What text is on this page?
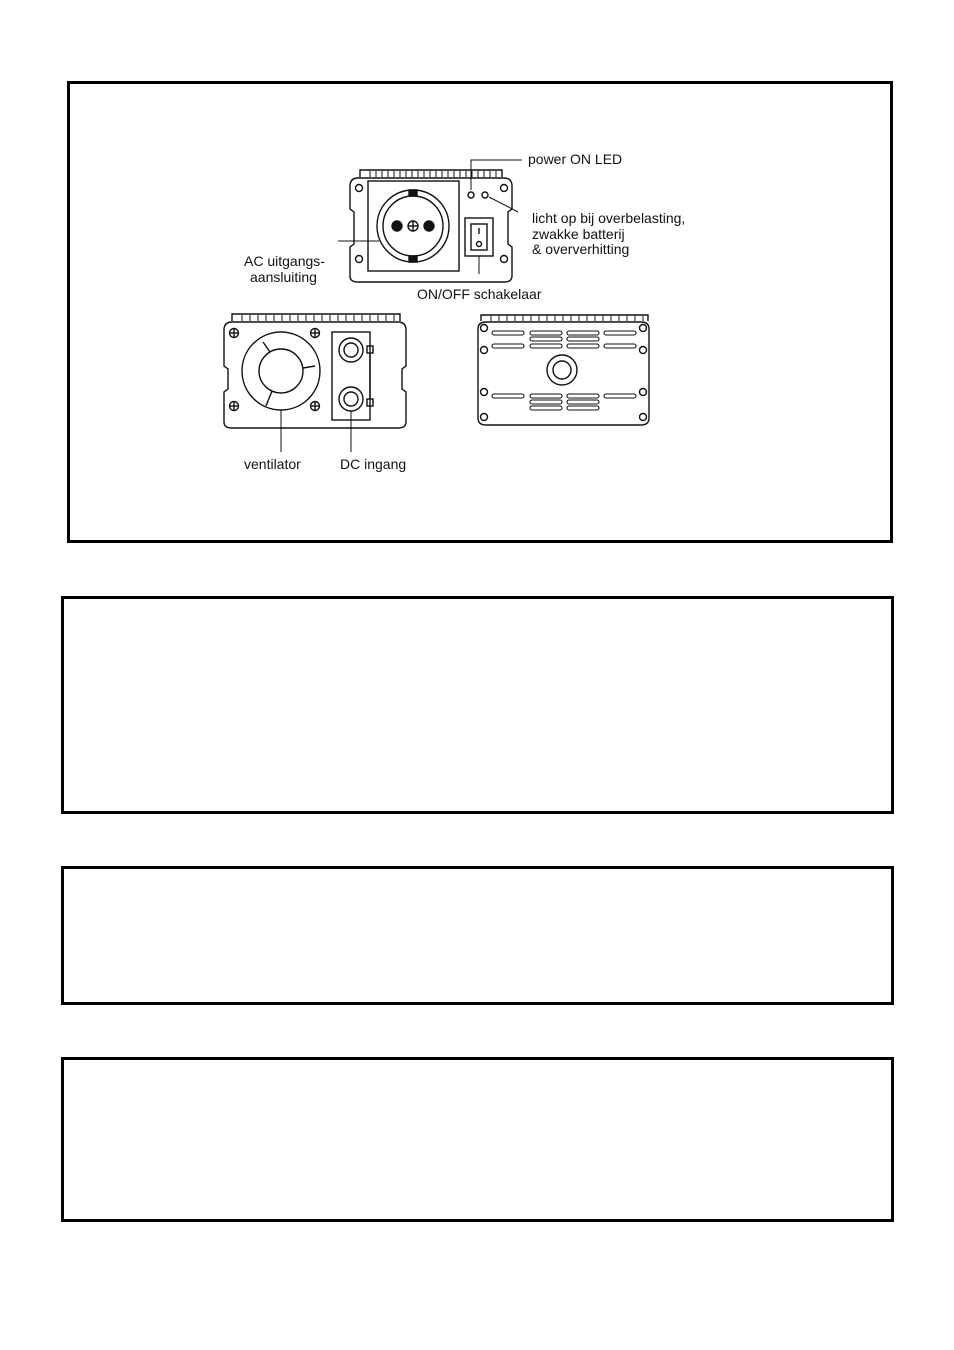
power ON LED
licht op bij overbelasting,
zwakke batterij
& oververhitting
AC uitgangs-
aansluiting
ON/OFF schakelaar
ventilator	DC ingang
